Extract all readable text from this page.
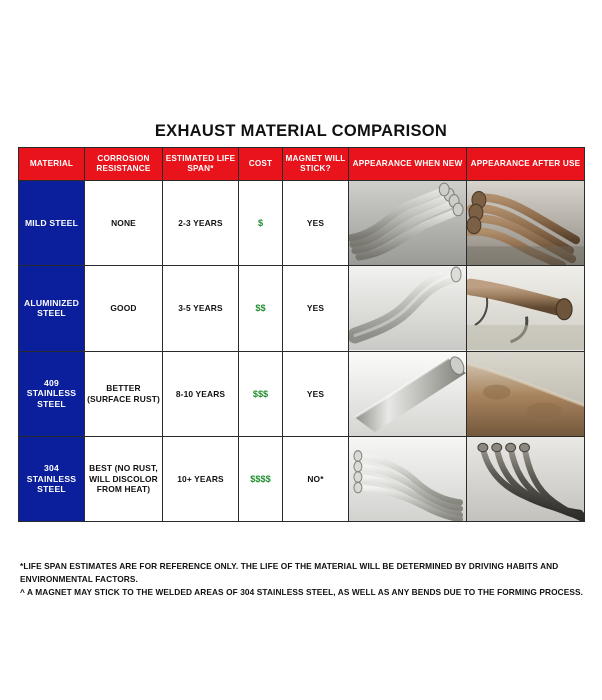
EXHAUST MATERIAL COMPARISON
MATERIAL	CORROSION RESISTANCE	ESTIMATED LIFE SPAN*	COST	MAGNET WILL STICK?	APPEARANCE WHEN NEW	APPEARANCE AFTER USE
MILD STEEL	NONE	2-3 YEARS	$	YES	

ALUMINIZED STEEL	GOOD	3-5 YEARS	$$	YES	

409 STAINLESS STEEL	BETTER (SURFACE RUST)	8-10 YEARS	$$$	YES	

304 STAINLESS STEEL	BEST (NO RUST, WILL DISCOLOR FROM HEAT)	10+ YEARS	$$$$	NO*	

*LIFE SPAN ESTIMATES ARE FOR REFERENCE ONLY. THE LIFE OF THE MATERIAL WILL BE DETERMINED BY DRIVING HABITS AND ENVIRONMENTAL FACTORS.
^ A MAGNET MAY STICK TO THE WELDED AREAS OF 304 STAINLESS STEEL, AS WELL AS ANY BENDS DUE TO THE FORMING PROCESS.
